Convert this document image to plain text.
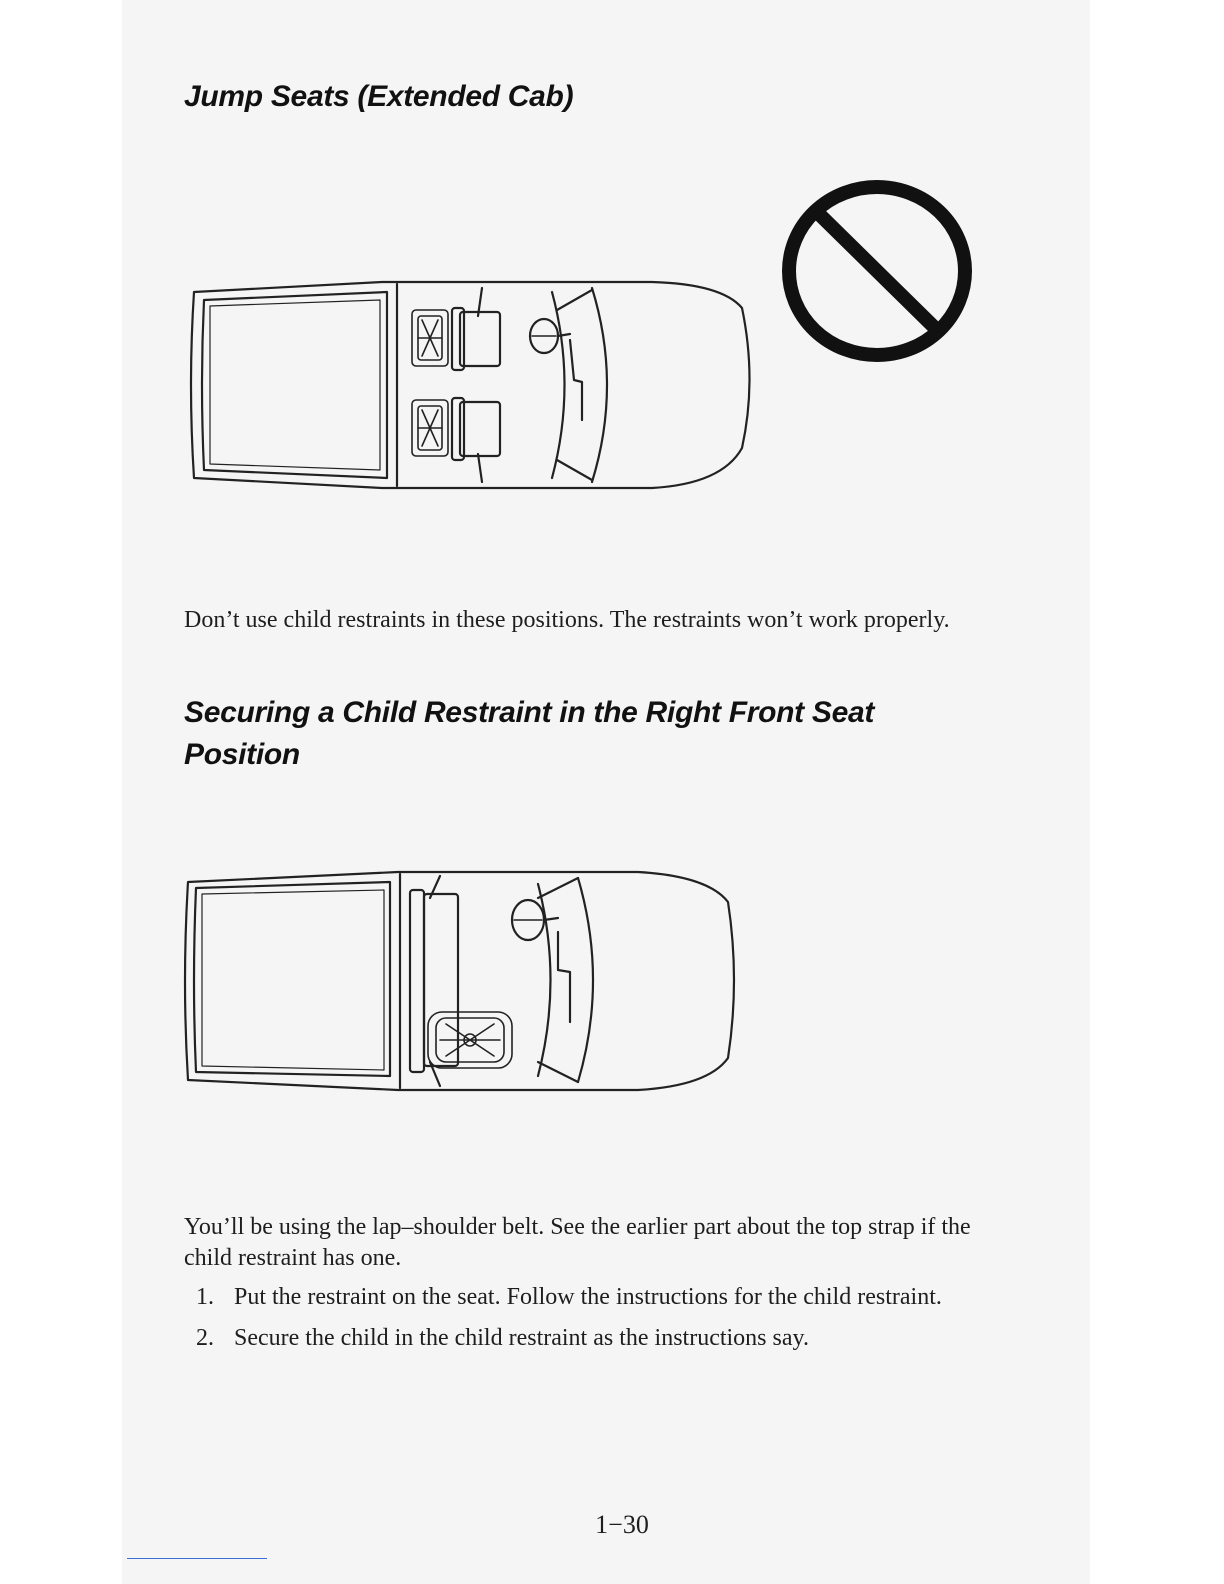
Jump Seats (Extended Cab)

Don’t use child restraints in these positions. The restraints won’t work properly.

Securing a Child Restraint in the Right Front Seat
Position

You’ll be using the lap–shoulder belt. See the earlier part about the top strap if the child restraint has one.

1. Put the restraint on the seat. Follow the instructions for the child restraint.
2. Secure the child in the child restraint as the instructions say.
1−30
